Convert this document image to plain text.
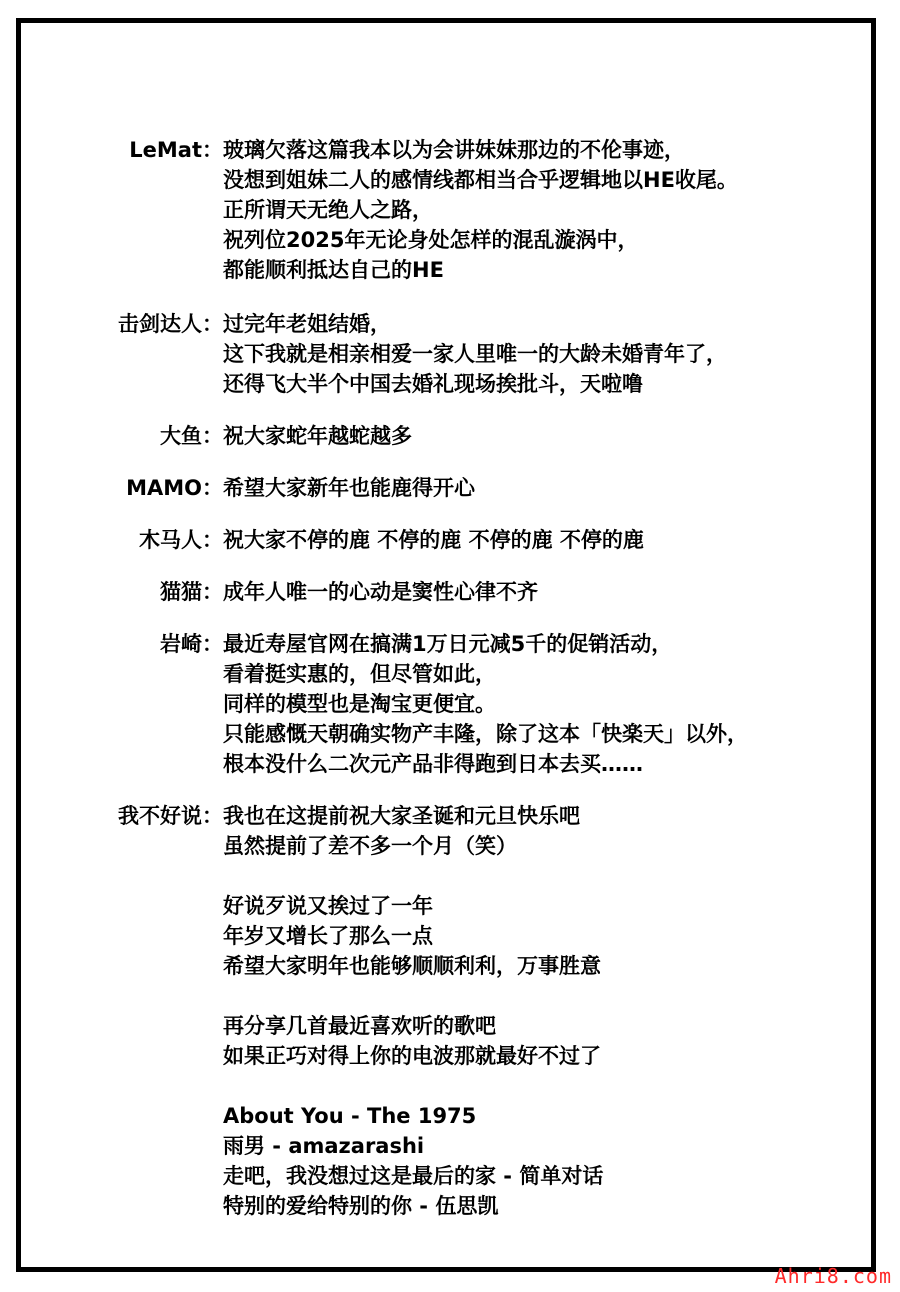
LeMat： 玻璃欠落这篇我本以为会讲妹妹那边的不伦事迹，
没想到姐妹二人的感情线都相当合乎逻辑地以HE收尾。
正所谓天无绝人之路，
祝列位2025年无论身处怎样的混乱漩涡中，
都能顺利抵达自己的HE
击剑达人： 过完年老姐结婚，
这下我就是相亲相爱一家人里唯一的大龄未婚青年了，
还得飞大半个中国去婚礼现场挨批斗，天啦噜
大鱼： 祝大家蛇年越蛇越多
MAMO： 希望大家新年也能鹿得开心
木马人： 祝大家不停的鹿 不停的鹿 不停的鹿 不停的鹿
猫猫： 成年人唯一的心动是窦性心律不齐
岩崎： 最近寿屋官网在搞满1万日元减5千的促销活动，
看着挺实惠的，但尽管如此，
同样的模型也是淘宝更便宜。
只能感慨天朝确实物产丰隆，除了这本「快楽天」以外，
根本没什么二次元产品非得跑到日本去买……
我不好说： 我也在这提前祝大家圣诞和元旦快乐吧
虽然提前了差不多一个月（笑）
好说歹说又挨过了一年
年岁又增长了那么一点
希望大家明年也能够顺顺利利，万事胜意
再分享几首最近喜欢听的歌吧
如果正巧对得上你的电波那就最好不过了
About You - The 1975
雨男 - amazarashi
走吧，我没想过这是最后的家 - 简单对话
特别的爱给特别的你 - 伍思凯
Ahri8.com
